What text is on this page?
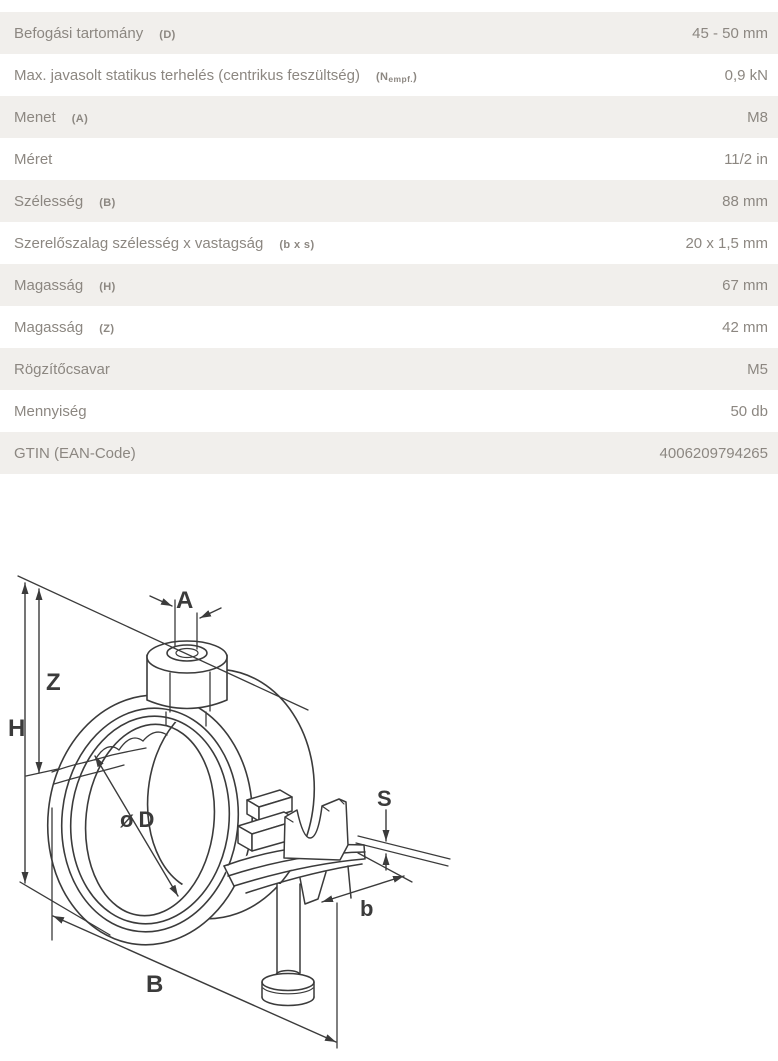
Befogási tartomány (D)	45 - 50 mm
Max. javasolt statikus terhelés (centrikus feszültség) $(N_{empf.})$	0,9 kN
Menet (A)	M8
Méret	11/2 in
Szélesség (B)	88 mm
Szerelőszalag szélesség x vastagság (b x s)	20 x 1,5 mm
Magasság (H)	67 mm
Magasság (Z)	42 mm
Rögzítőcsavar	M5
Mennyiség	50 db
GTIN (EAN-Code)	4006209794265
A
Z
H
ø D
S
b
B
